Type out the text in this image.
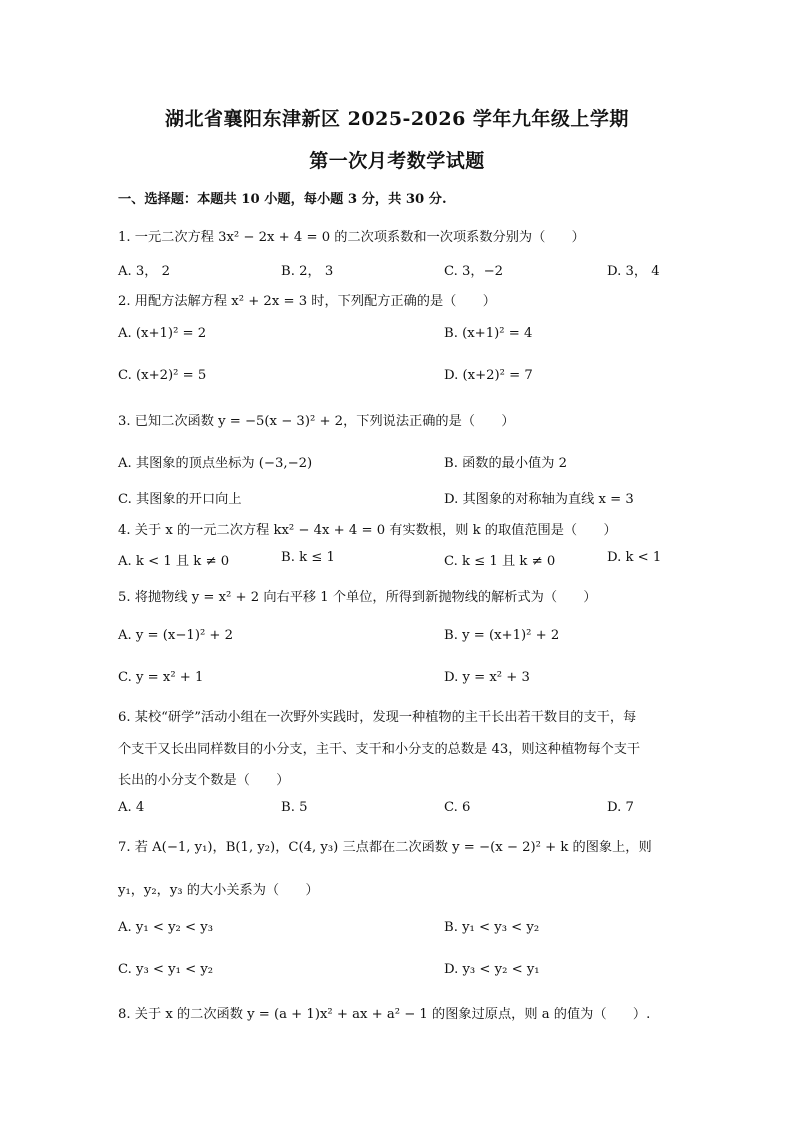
湖北省襄阳东津新区 2025-2026 学年九年级上学期
第一次月考数学试题
一、选择题：本题共 10 小题，每小题 3 分，共 30 分.
1. 一元二次方程 3x² − 2x + 4 = 0 的二次项系数和一次项系数分别为（　　）
A. 3， 2	B. 2， 3	C. 3，−2	D. 3， 4
2. 用配方法解方程 x² + 2x = 3 时，下列配方正确的是（　　）
A. (x+1)² = 2	B. (x+1)² = 4
C. (x+2)² = 5	D. (x+2)² = 7
3. 已知二次函数 y = −5(x − 3)² + 2，下列说法正确的是（　　）
A. 其图象的顶点坐标为 (−3,−2)	B. 函数的最小值为 2
C. 其图象的开口向上	D. 其图象的对称轴为直线 x = 3
4. 关于 x 的一元二次方程 kx² − 4x + 4 = 0 有实数根，则 k 的取值范围是（　　）
A. k < 1 且 k ≠ 0	B. k ≤ 1	C. k ≤ 1 且 k ≠ 0	D. k < 1
5. 将抛物线 y = x² + 2 向右平移 1 个单位，所得到新抛物线的解析式为（　　）
A. y = (x−1)² + 2	B. y = (x+1)² + 2
C. y = x² + 1	D. y = x² + 3
6. 某校“研学”活动小组在一次野外实践时，发现一种植物的主干长出若干数目的支干，每
个支干又长出同样数目的小分支，主干、支干和小分支的总数是 43，则这种植物每个支干
长出的小分支个数是（　　）
A. 4	B. 5	C. 6	D. 7
7. 若 A(−1, y₁)，B(1, y₂)，C(4, y₃) 三点都在二次函数 y = −(x − 2)² + k 的图象上，则
y₁，y₂，y₃ 的大小关系为（　　）
A. y₁ < y₂ < y₃	B. y₁ < y₃ < y₂
C. y₃ < y₁ < y₂	D. y₃ < y₂ < y₁
8. 关于 x 的二次函数 y = (a + 1)x² + ax + a² − 1 的图象过原点，则 a 的值为（　　）.
